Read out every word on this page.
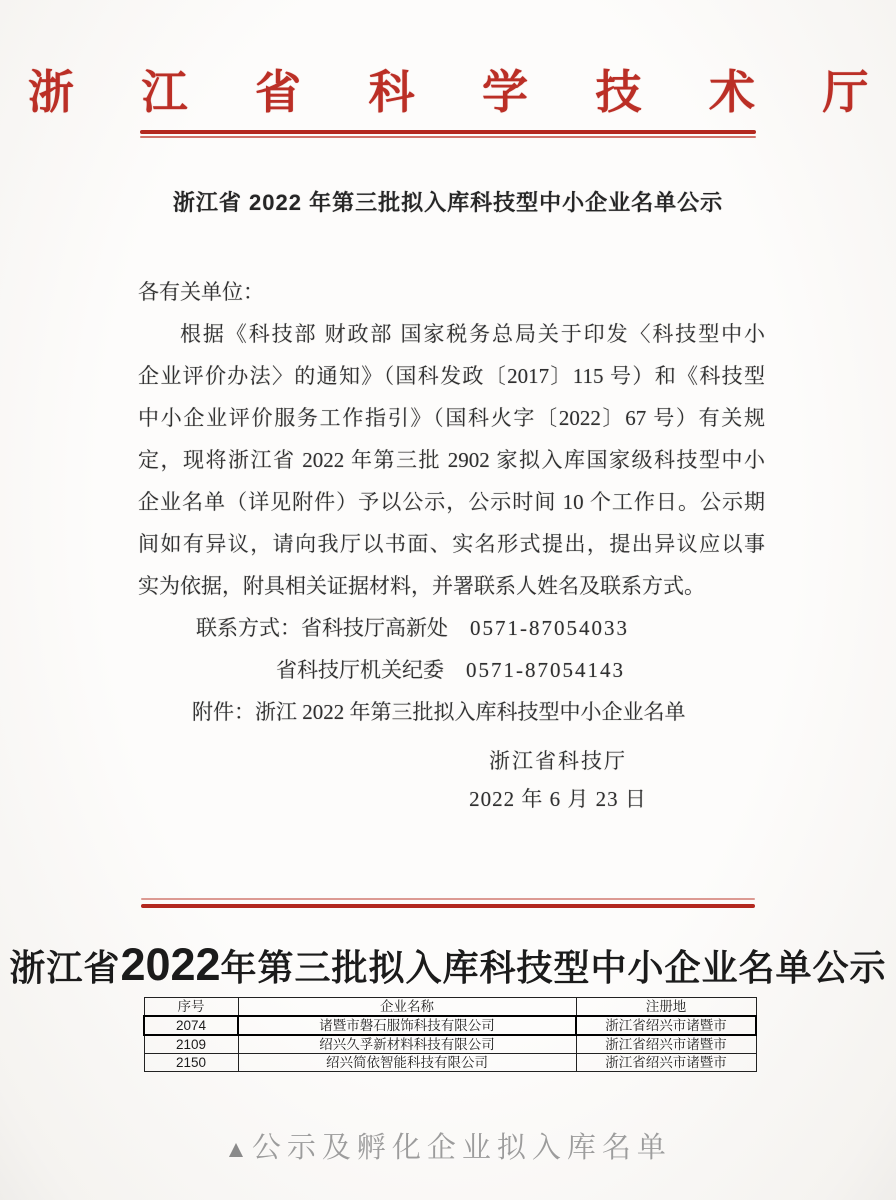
浙 江 省 科 学 技 术 厅
浙江省 2022 年第三批拟入库科技型中小企业名单公示
各有关单位：
根据《科技部 财政部 国家税务总局关于印发〈科技型中小
企业评价办法〉的通知》（国科发政〔2017〕115 号）和《科技型
中小企业评价服务工作指引》（国科火字〔2022〕67 号）有关规
定，现将浙江省 2022 年第三批 2902 家拟入库国家级科技型中小
企业名单（详见附件）予以公示，公示时间 10 个工作日。公示期
间如有异议，请向我厅以书面、实名形式提出，提出异议应以事
实为依据，附具相关证据材料，并署联系人姓名及联系方式。
联系方式：省科技厅高新处 0571-87054033
省科技厅机关纪委 0571-87054143
附件：浙江 2022 年第三批拟入库科技型中小企业名单
浙江省科技厅
2022 年 6 月 23 日
浙江省2022年第三批拟入库科技型中小企业名单公示
序号	企业名称	注册地
2074	诸暨市磐石服饰科技有限公司	浙江省绍兴市诸暨市
2109	绍兴久孚新材料科技有限公司	浙江省绍兴市诸暨市
2150	绍兴简依智能科技有限公司	浙江省绍兴市诸暨市
▲ 公示及孵化企业拟入库名单
